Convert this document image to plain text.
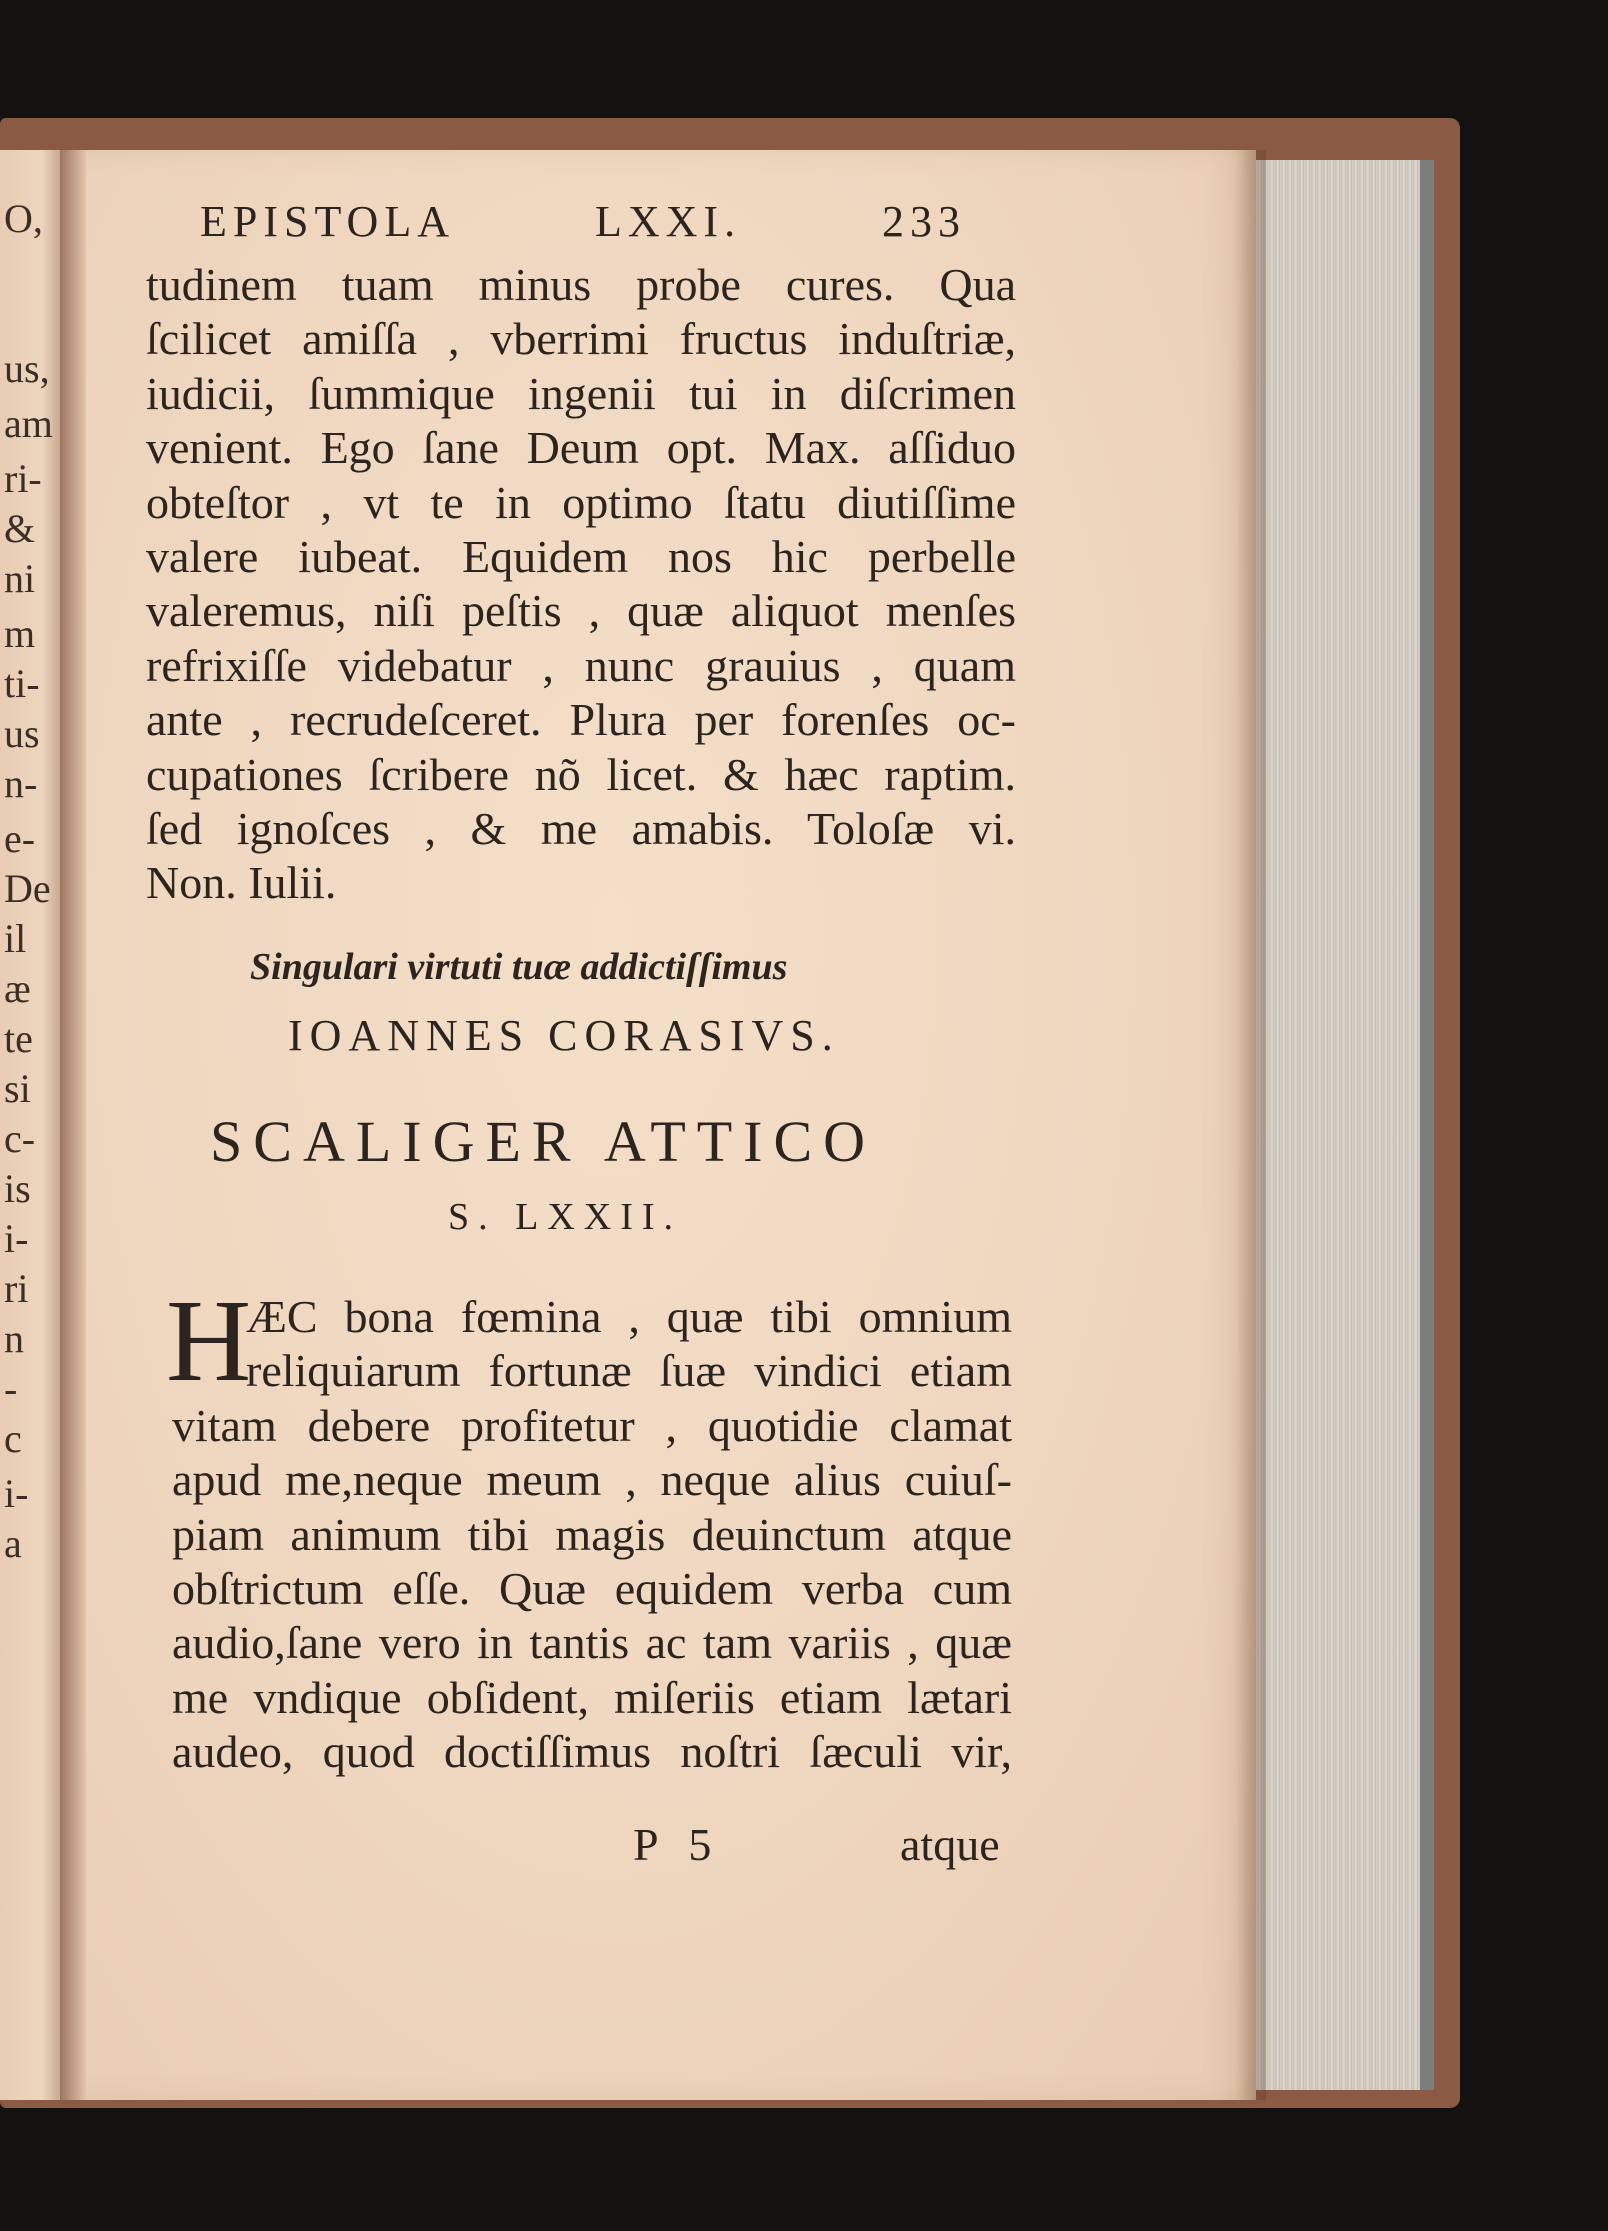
O,
us,
am
ri-
&
ni
m
ti-
us
n-
e-
De
il
æ
te
si
c-
is
i-
ri
n
-
c
i-
a
EPISTOLA	LXXI.	233
tudinem tuam minus probe cures. Qua
ſcilicet amiſſa , vberrimi fructus induſtriæ,
iudicii, ſummique ingenii tui in diſcrimen
venient. Ego ſane Deum opt. Max. aſſiduo
obteſtor , vt te in optimo ſtatu diutiſſime
valere iubeat. Equidem nos hic perbelle
valeremus, niſi peſtis , quæ aliquot menſes
refrixiſſe videbatur , nunc grauius , quam
ante , recrudeſceret. Plura per forenſes oc-
cupationes ſcribere nõ licet. & hæc raptim.
ſed ignoſces , & me amabis. Toloſæ vi.
Non. Iulii.
Singulari virtuti tuæ addictiſſimus
IOANNES CORASIVS.
SCALIGER ATTICO
S. LXXII.
H
ÆC bona fœmina , quæ tibi omnium
reliquiarum fortunæ ſuæ vindici etiam
vitam debere profitetur , quotidie clamat
apud me,neque meum , neque alius cuiuſ-
piam animum tibi magis deuinctum atque
obſtrictum eſſe. Quæ equidem verba cum
audio,ſane vero in tantis ac tam variis , quæ
me vndique obſident, miſeriis etiam lætari
audeo, quod doctiſſimus noſtri ſæculi vir,
P 5	atque
